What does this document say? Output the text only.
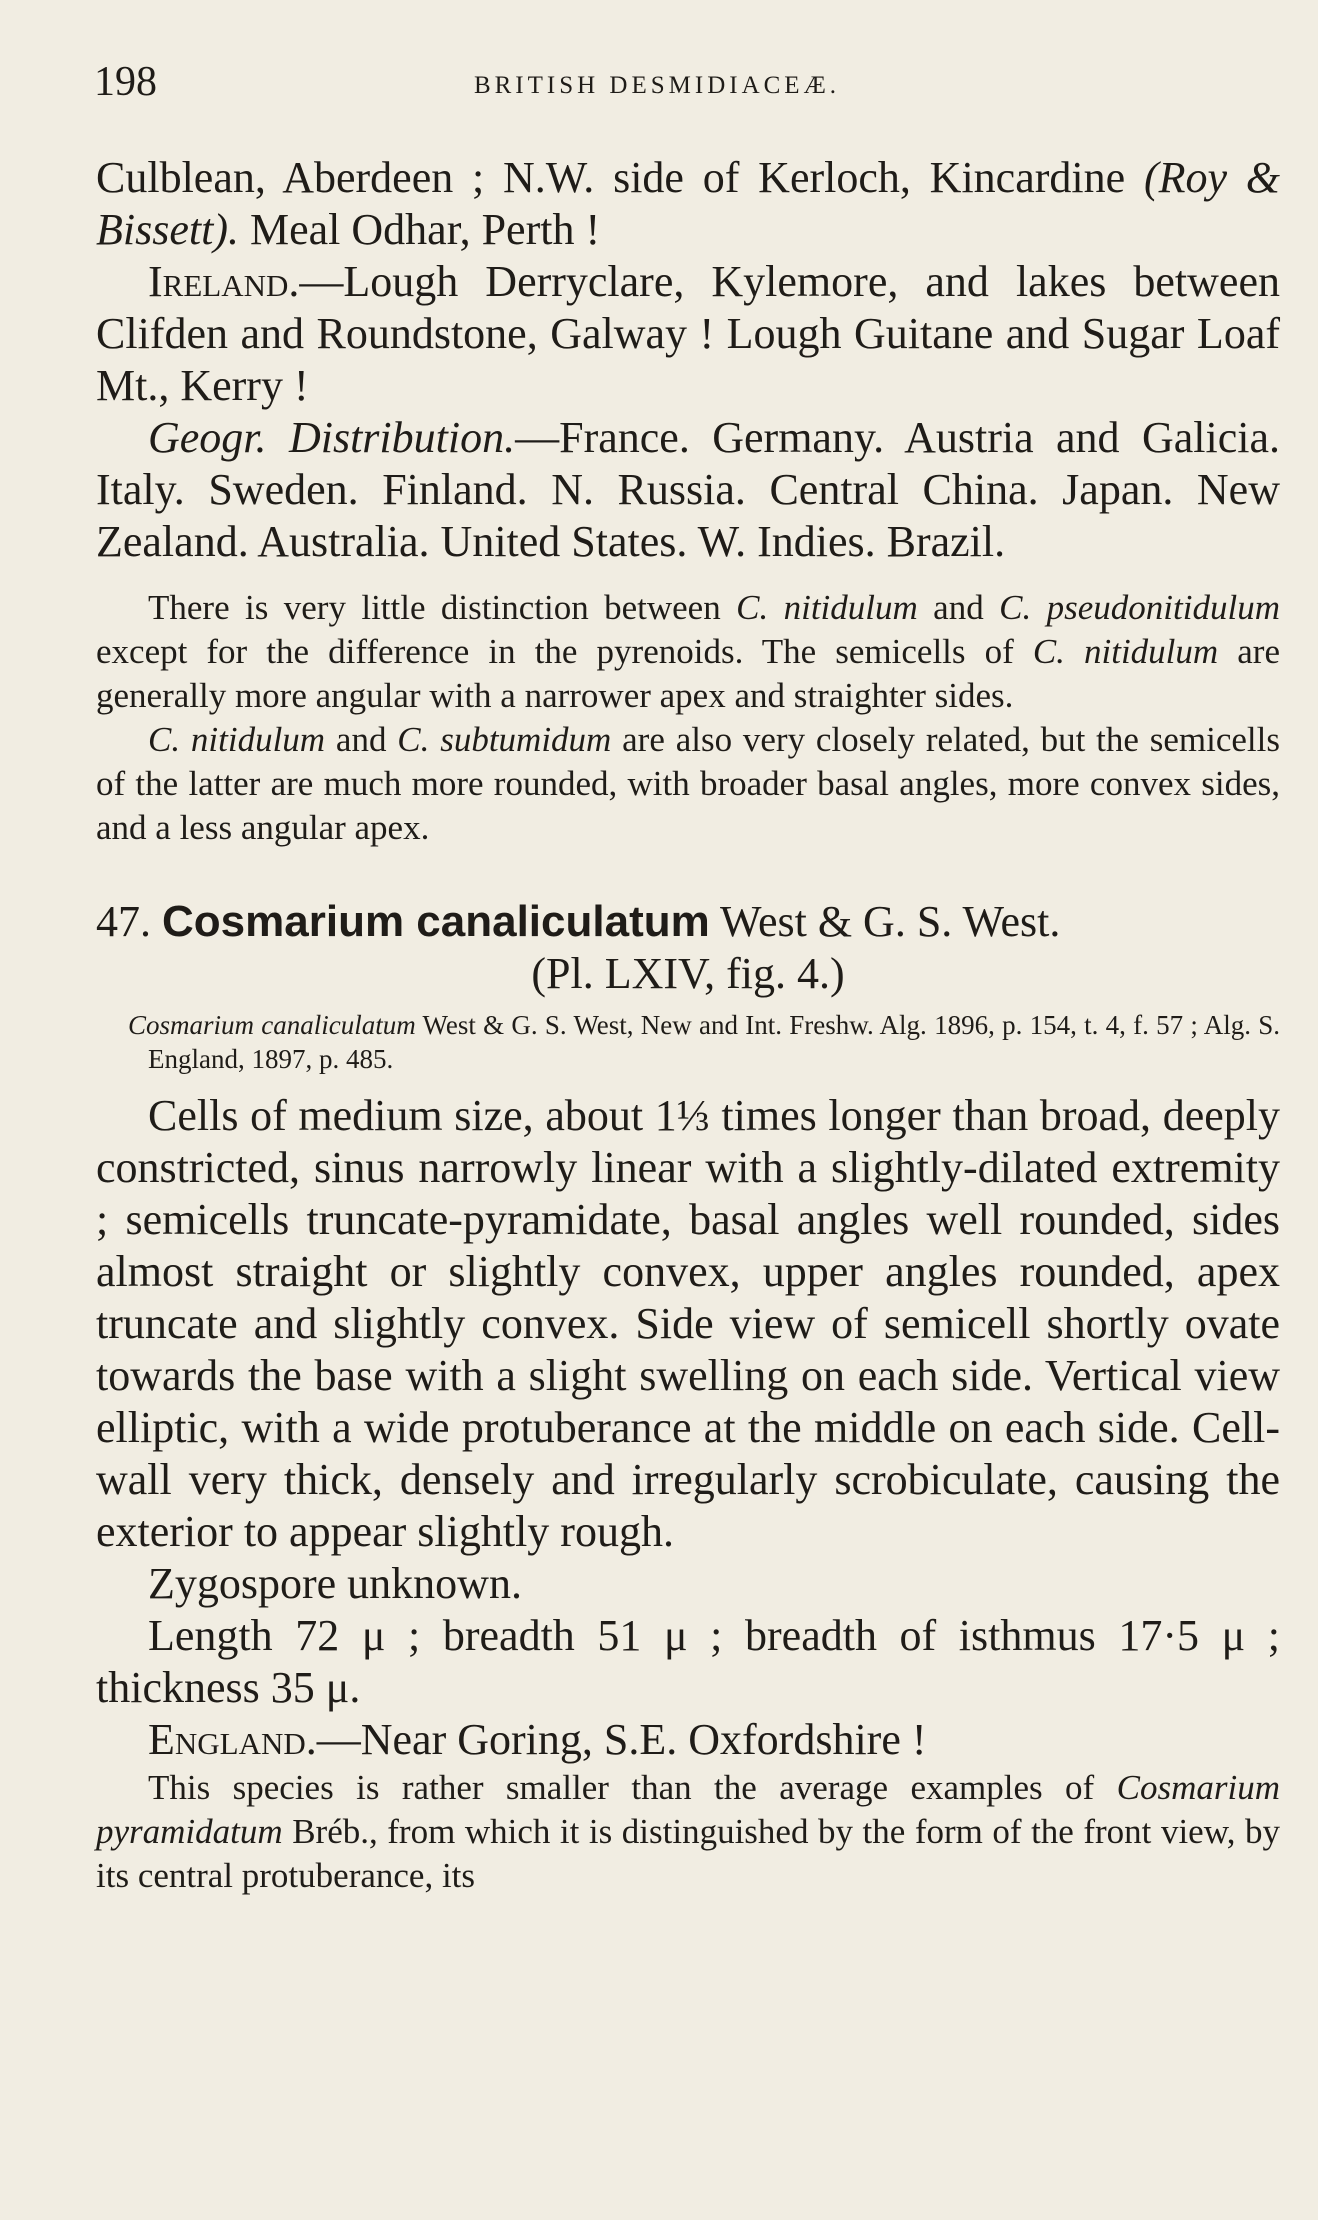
198	BRITISH DESMIDIACEÆ.

Culblean, Aberdeen ; N.W. side of Kerloch, Kincardine (Roy & Bissett). Meal Odhar, Perth !

Ireland.—Lough Derryclare, Kylemore, and lakes between Clifden and Roundstone, Galway ! Lough Guitane and Sugar Loaf Mt., Kerry !

Geogr. Distribution.—France. Germany. Austria and Galicia. Italy. Sweden. Finland. N. Russia. Central China. Japan. New Zealand. Australia. United States. W. Indies. Brazil.

There is very little distinction between C. nitidulum and C. pseudonitidulum except for the difference in the pyrenoids. The semicells of C. nitidulum are generally more angular with a narrower apex and straighter sides.

C. nitidulum and C. subtumidum are also very closely related, but the semicells of the latter are much more rounded, with broader basal angles, more convex sides, and a less angular apex.

47. Cosmarium canaliculatum West & G. S. West.

(Pl. LXIV, fig. 4.)

Cosmarium canaliculatum West & G. S. West, New and Int. Freshw. Alg. 1896, p. 154, t. 4, f. 57 ; Alg. S. England, 1897, p. 485.

Cells of medium size, about 1⅓ times longer than broad, deeply constricted, sinus narrowly linear with a slightly-dilated extremity ; semicells truncate-pyramidate, basal angles well rounded, sides almost straight or slightly convex, upper angles rounded, apex truncate and slightly convex. Side view of semicell shortly ovate towards the base with a slight swelling on each side. Vertical view elliptic, with a wide protuberance at the middle on each side. Cell-wall very thick, densely and irregularly scrobiculate, causing the exterior to appear slightly rough.

Zygospore unknown.

Length 72 μ ; breadth 51 μ ; breadth of isthmus 17·5 μ ; thickness 35 μ.

England.—Near Goring, S.E. Oxfordshire !

This species is rather smaller than the average examples of Cosmarium pyramidatum Bréb., from which it is distinguished by the form of the front view, by its central protuberance, its
